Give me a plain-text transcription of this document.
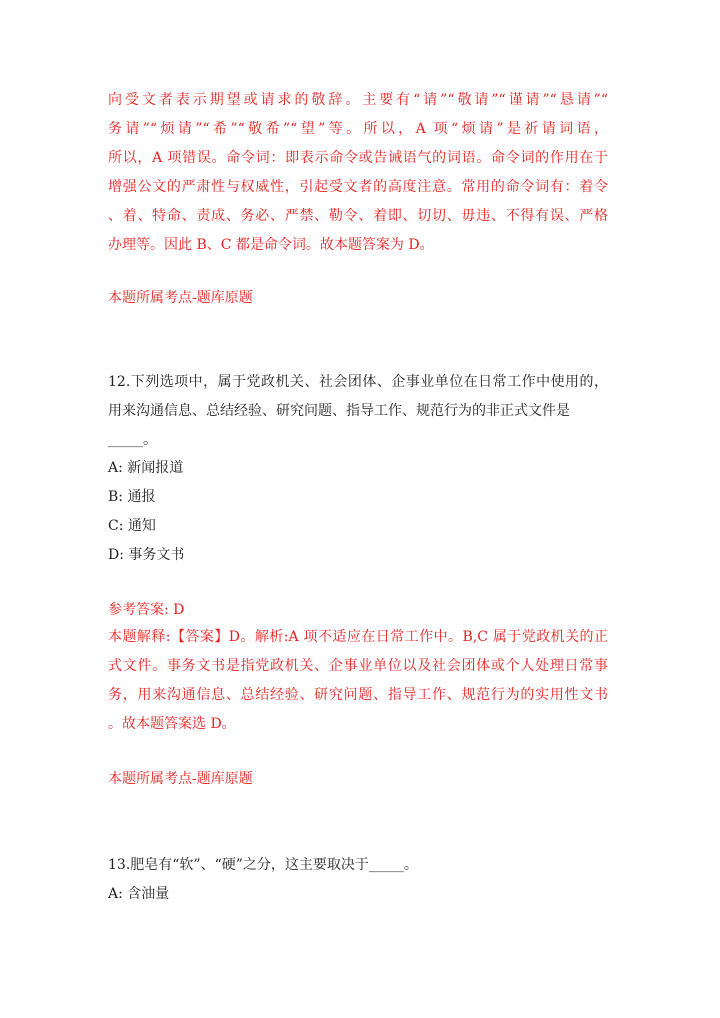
向受文者表示期望或请求的敬辞。主要有“请”“敬请”“谨请”“恳请”“
务请”“烦请”“希”“敬希”“望”等。所以，A 项“烦请”是祈请词语，
所以，A 项错误。命令词：即表示命令或告诫语气的词语。命令词的作用在于
增强公文的严肃性与权威性，引起受文者的高度注意。常用的命令词有：着令
、着、特命、责成、务必、严禁、勒令、着即、切切、毋违、不得有误、严格
办理等。因此 B、C 都是命令词。故本题答案为 D。
本题所属考点-题库原题
12.下列选项中，属于党政机关、社会团体、企事业单位在日常工作中使用的，
用来沟通信息、总结经验、研究问题、指导工作、规范行为的非正式文件是
_____。
A: 新闻报道
B: 通报
C: 通知
D: 事务文书
参考答案: D
本题解释:【答案】D。解析:A 项不适应在日常工作中。B,C 属于党政机关的正
式文件。事务文书是指党政机关、企事业单位以及社会团体或个人处理日常事
务，用来沟通信息、总结经验、研究问题、指导工作、规范行为的实用性文书
。故本题答案选 D。
本题所属考点-题库原题
13.肥皂有“软”、“硬”之分，这主要取决于_____。
A: 含油量
